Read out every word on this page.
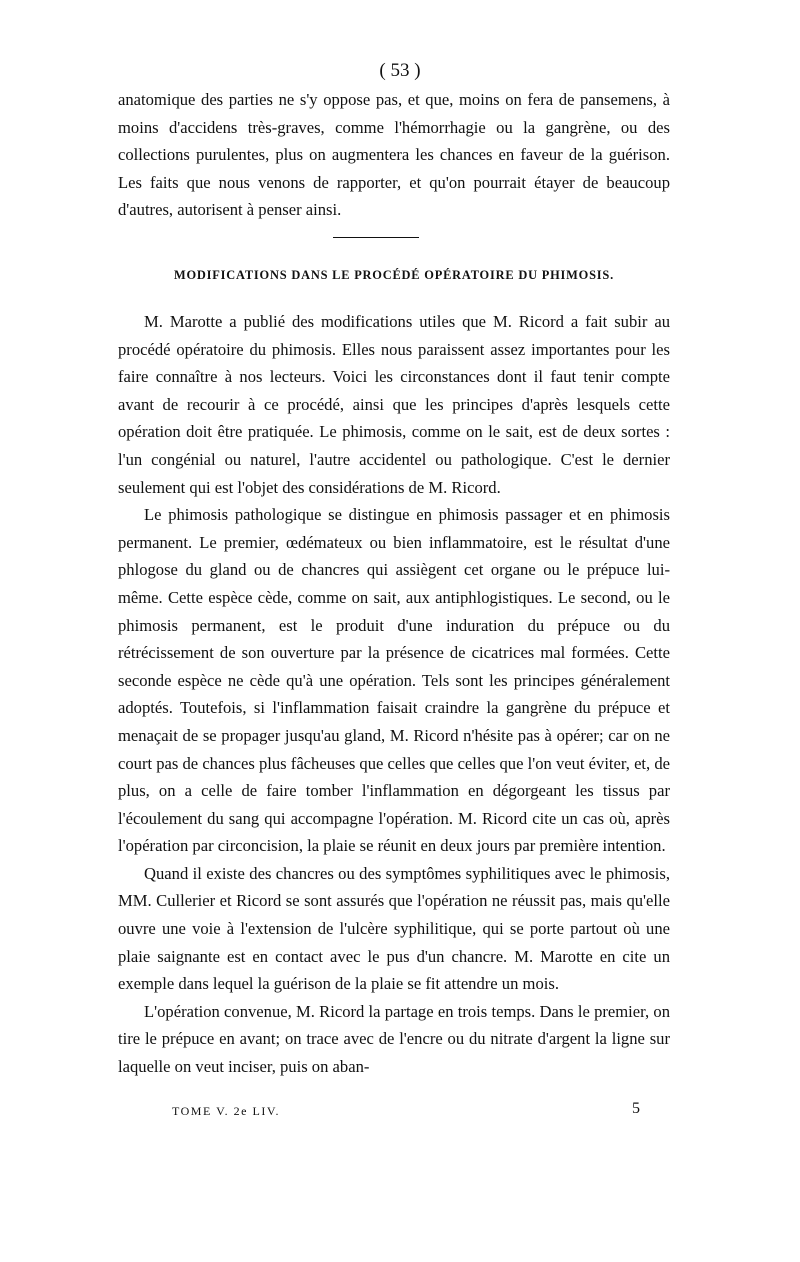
( 53 )

anatomique des parties ne s'y oppose pas, et que, moins on fera de pansemens, à moins d'accidens très-graves, comme l'hémorrhagie ou la gangrène, ou des collections purulentes, plus on augmentera les chances en faveur de la guérison. Les faits que nous venons de rapporter, et qu'on pourrait étayer de beaucoup d'autres, autorisent à penser ainsi.

MODIFICATIONS DANS LE PROCÉDÉ OPÉRATOIRE DU PHIMOSIS.

M. Marotte a publié des modifications utiles que M. Ricord a fait subir au procédé opératoire du phimosis. Elles nous paraissent assez importantes pour les faire connaître à nos lecteurs. Voici les circonstances dont il faut tenir compte avant de recourir à ce procédé, ainsi que les principes d'après lesquels cette opération doit être pratiquée. Le phimosis, comme on le sait, est de deux sortes : l'un congénial ou naturel, l'autre accidentel ou pathologique. C'est le dernier seulement qui est l'objet des considérations de M. Ricord.

Le phimosis pathologique se distingue en phimosis passager et en phimosis permanent. Le premier, œdémateux ou bien inflammatoire, est le résultat d'une phlogose du gland ou de chancres qui assiègent cet organe ou le prépuce lui-même. Cette espèce cède, comme on sait, aux antiphlogistiques. Le second, ou le phimosis permanent, est le produit d'une induration du prépuce ou du rétrécissement de son ouverture par la présence de cicatrices mal formées. Cette seconde espèce ne cède qu'à une opération. Tels sont les principes généralement adoptés. Toutefois, si l'inflammation faisait craindre la gangrène du prépuce et menaçait de se propager jusqu'au gland, M. Ricord n'hésite pas à opérer; car on ne court pas de chances plus fâcheuses que celles que celles que l'on veut éviter, et, de plus, on a celle de faire tomber l'inflammation en dégorgeant les tissus par l'écoulement du sang qui accompagne l'opération. M. Ricord cite un cas où, après l'opération par circoncision, la plaie se réunit en deux jours par première intention.

Quand il existe des chancres ou des symptômes syphilitiques avec le phimosis, MM. Cullerier et Ricord se sont assurés que l'opération ne réussit pas, mais qu'elle ouvre une voie à l'extension de l'ulcère syphilitique, qui se porte partout où une plaie saignante est en contact avec le pus d'un chancre. M. Marotte en cite un exemple dans lequel la guérison de la plaie se fit attendre un mois.

L'opération convenue, M. Ricord la partage en trois temps. Dans le premier, on tire le prépuce en avant; on trace avec de l'encre ou du nitrate d'argent la ligne sur laquelle on veut inciser, puis on aban-

TOME V. 2e LIV.	5
